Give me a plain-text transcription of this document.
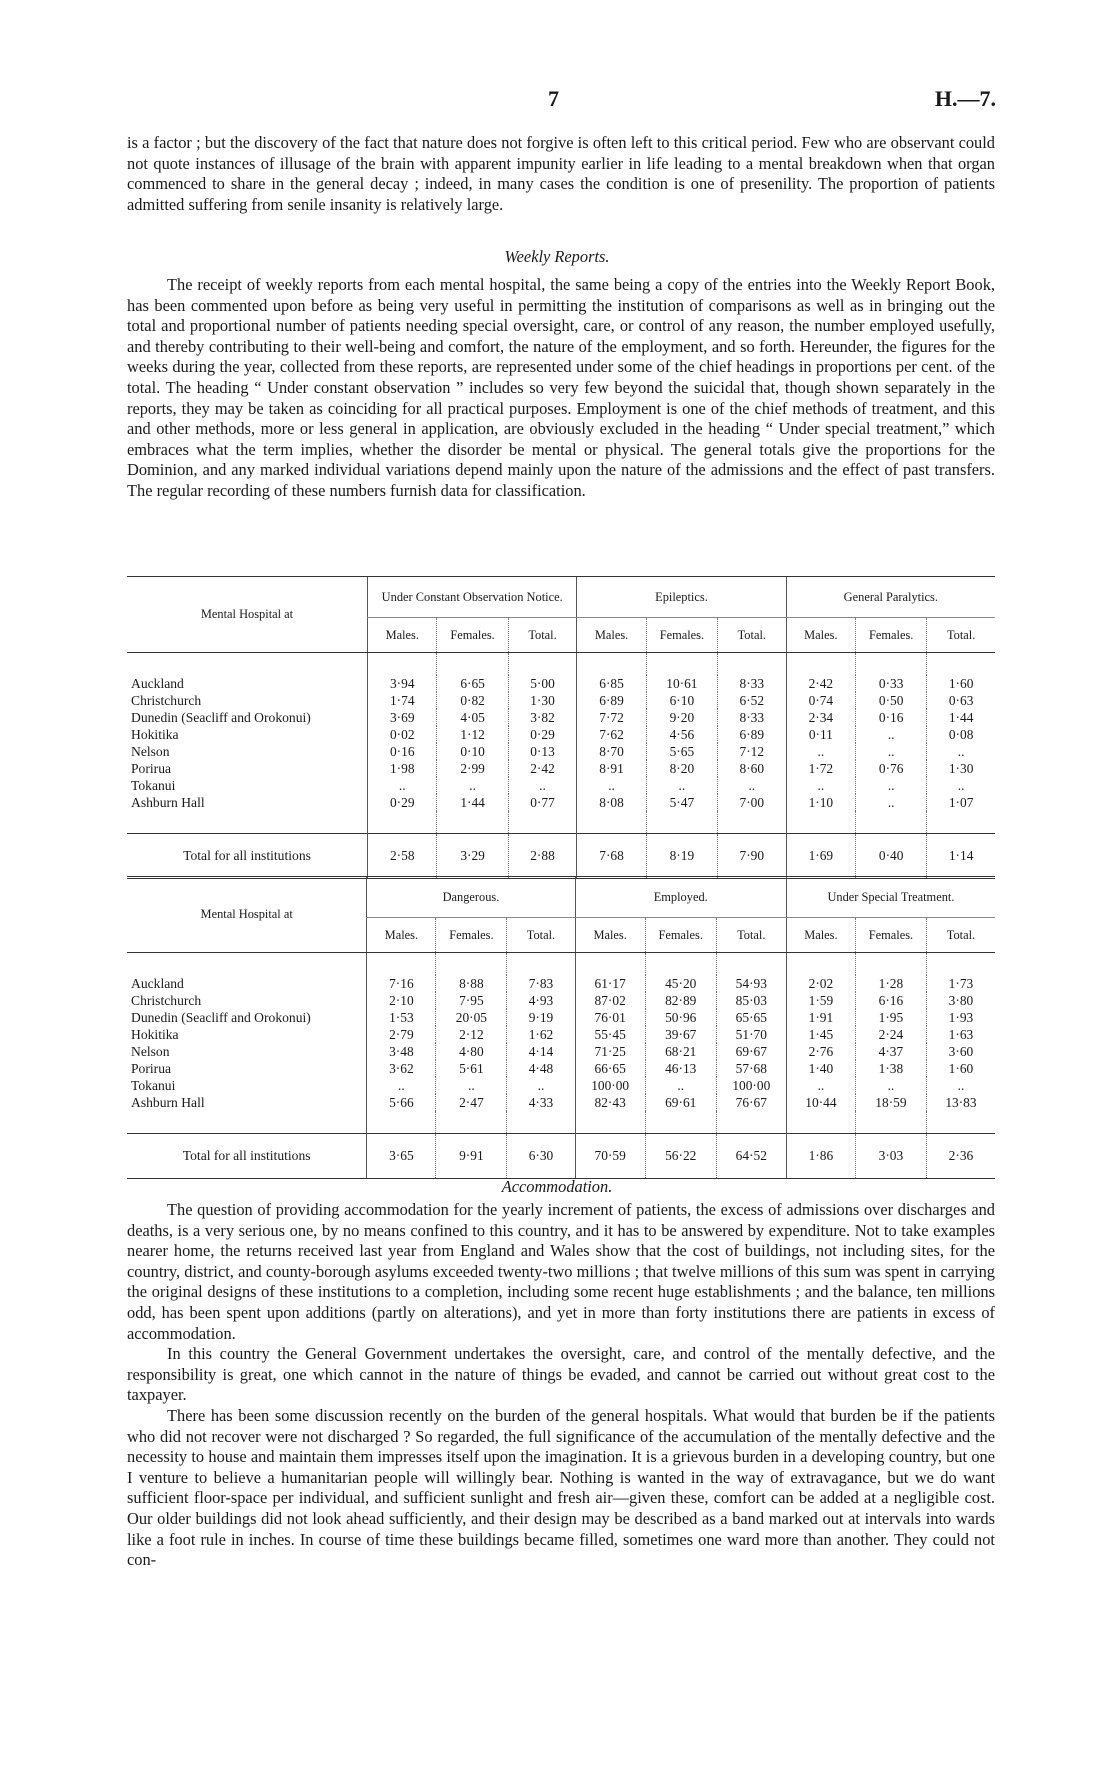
7	H.—7.

is a factor ; but the discovery of the fact that nature does not forgive is often left to this critical period. Few who are observant could not quote instances of illusage of the brain with apparent impunity earlier in life leading to a mental breakdown when that organ commenced to share in the general decay ; indeed, in many cases the condition is one of presenility. The proportion of patients admitted suffering from senile insanity is relatively large.

Weekly Reports.

The receipt of weekly reports from each mental hospital, the same being a copy of the entries into the Weekly Report Book, has been commented upon before as being very useful in permitting the institution of comparisons as well as in bringing out the total and proportional number of patients needing special oversight, care, or control of any reason, the number employed usefully, and thereby contributing to their well-being and comfort, the nature of the employment, and so forth. Hereunder, the figures for the weeks during the year, collected from these reports, are represented under some of the chief headings in proportions per cent. of the total. The heading “ Under constant observation ” includes so very few beyond the suicidal that, though shown separately in the reports, they may be taken as coinciding for all practical purposes. Employment is one of the chief methods of treatment, and this and other methods, more or less general in application, are obviously excluded in the heading “ Under special treatment,” which embraces what the term implies, whether the disorder be mental or physical. The general totals give the proportions for the Dominion, and any marked individual variations depend mainly upon the nature of the admissions and the effect of past transfers. The regular recording of these numbers furnish data for classification.

Mental Hospital at	Under Constant Observation Notice.			Epileptics.			General Paralytics.		
	Males.	Females.	Total.	Males.	Females.	Total.	Males.	Females.	Total.

Auckland	3·94	6·65	5·00	6·85	10·61	8·33	2·42	0·33	1·60
Christchurch	1·74	0·82	1·30	6·89	6·10	6·52	0·74	0·50	0·63
Dunedin (Seacliff and Orokonui)	3·69	4·05	3·82	7·72	9·20	8·33	2·34	0·16	1·44
Hokitika	0·02	1·12	0·29	7·62	4·56	6·89	0·11	..	0·08
Nelson	0·16	0·10	0·13	8·70	5·65	7·12	..	..	..
Porirua	1·98	2·99	2·42	8·91	8·20	8·60	1·72	0·76	1·30
Tokanui	..	..	..	..	..	..	..	..	..
Ashburn Hall	0·29	1·44	0·77	8·08	5·47	7·00	1·10	..	1·07

Total for all institutions	2·58	3·29	2·88	7·68	8·19	7·90	1·69	0·40	1·14
Mental Hospital at	Dangerous.			Employed.			Under Special Treatment.		
	Males.	Females.	Total.	Males.	Females.	Total.	Males.	Females.	Total.

Auckland	7·16	8·88	7·83	61·17	45·20	54·93	2·02	1·28	1·73
Christchurch	2·10	7·95	4·93	87·02	82·89	85·03	1·59	6·16	3·80
Dunedin (Seacliff and Orokonui)	1·53	20·05	9·19	76·01	50·96	65·65	1·91	1·95	1·93
Hokitika	2·79	2·12	1·62	55·45	39·67	51·70	1·45	2·24	1·63
Nelson	3·48	4·80	4·14	71·25	68·21	69·67	2·76	4·37	3·60
Porirua	3·62	5·61	4·48	66·65	46·13	57·68	1·40	1·38	1·60
Tokanui	..	..	..	100·00	..	100·00	..	..	..
Ashburn Hall	5·66	2·47	4·33	82·43	69·61	76·67	10·44	18·59	13·83

Total for all institutions	3·65	9·91	6·30	70·59	56·22	64·52	1·86	3·03	2·36
Accommodation.

The question of providing accommodation for the yearly increment of patients, the excess of admissions over discharges and deaths, is a very serious one, by no means confined to this country, and it has to be answered by expenditure. Not to take examples nearer home, the returns received last year from England and Wales show that the cost of buildings, not including sites, for the country, district, and county-borough asylums exceeded twenty-two millions ; that twelve millions of this sum was spent in carrying the original designs of these institutions to a completion, including some recent huge establishments ; and the balance, ten millions odd, has been spent upon additions (partly on alterations), and yet in more than forty institutions there are patients in excess of accommodation.

In this country the General Government undertakes the oversight, care, and control of the mentally defective, and the responsibility is great, one which cannot in the nature of things be evaded, and cannot be carried out without great cost to the taxpayer.

There has been some discussion recently on the burden of the general hospitals. What would that burden be if the patients who did not recover were not discharged ? So regarded, the full significance of the accumulation of the mentally defective and the necessity to house and maintain them impresses itself upon the imagination. It is a grievous burden in a developing country, but one I venture to believe a humanitarian people will willingly bear. Nothing is wanted in the way of extravagance, but we do want sufficient floor-space per individual, and sufficient sunlight and fresh air—given these, comfort can be added at a negligible cost. Our older buildings did not look ahead sufficiently, and their design may be described as a band marked out at intervals into wards like a foot rule in inches. In course of time these buildings became filled, sometimes one ward more than another. They could not con-
